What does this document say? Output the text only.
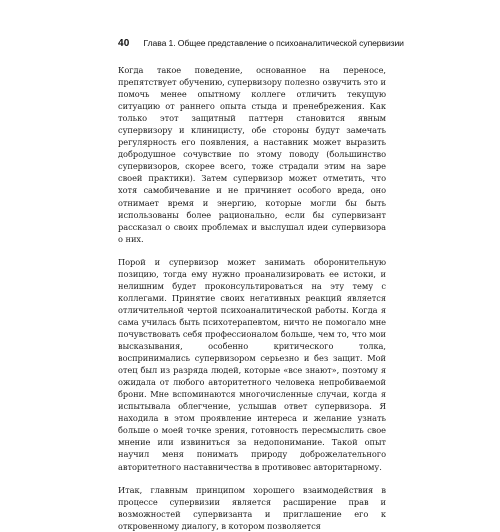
40 Глава 1. Общее представление о психоаналитической супервизии

Когда такое поведение, основанное на переносе, препятствует обучению, супервизору полезно озвучить это и помочь менее опытному коллеге отличить текущую ситуацию от раннего опыта стыда и пренебрежения. Как только этот защитный паттерн становится явным супервизору и клиницисту, обе стороны будут замечать регулярность его появления, а наставник может выразить добродушное сочувствие по этому поводу (большинство супервизоров, скорее всего, тоже страдали этим на заре своей практики). Затем супервизор может отметить, что хотя самобичевание и не причиняет особого вреда, оно отнимает время и энергию, которые могли бы быть использованы более рационально, если бы супервизант рассказал о своих проблемах и выслушал идеи супервизора о них.

Порой и супервизор может занимать оборонительную позицию, тогда ему нужно проанализировать ее истоки, и нелишним будет проконсультироваться на эту тему с коллегами. Принятие своих негативных реакций является отличительной чертой психоаналитической работы. Когда я сама училась быть психотерапевтом, ничто не помогало мне почувствовать себя профессионалом больше, чем то, что мои высказывания, особенно критического толка, воспринимались супервизором серьезно и без защит. Мой отец был из разряда людей, которые «все знают», поэтому я ожидала от любого авторитетного человека непробиваемой брони. Мне вспоминаются многочисленные случаи, когда я испытывала облегчение, услышав ответ супервизора. Я находила в этом проявление интереса и желание узнать больше о моей точке зрения, готовность пересмыслить свое мнение или извиниться за недопонимание. Такой опыт научил меня понимать природу доброжелательного авторитетного наставничества в противовес авторитарному.

Итак, главным принципом хорошего взаимодействия в процессе супервизии является расширение прав и возможностей супервизанта и приглашение его к откровенному диалогу, в котором позволяется
